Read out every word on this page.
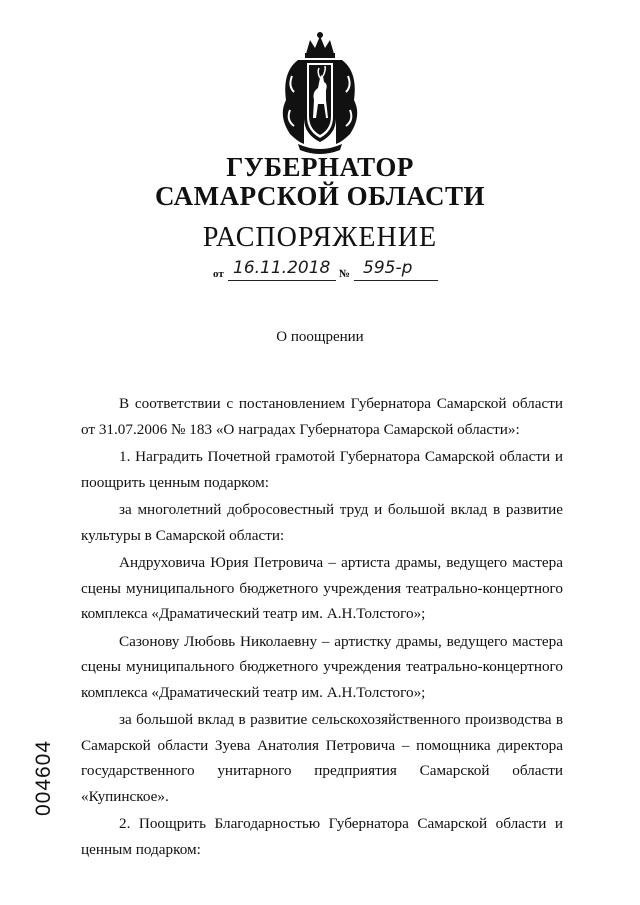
ГУБЕРНАТОР
САМАРСКОЙ ОБЛАСТИ
РАСПОРЯЖЕНИЕ
от 16.11.2018 № 595-р
О поощрении

В соответствии с постановлением Губернатора Самарской области от 31.07.2006 № 183 «О наградах Губернатора Самарской области»:

1. Наградить Почетной грамотой Губернатора Самарской области и поощрить ценным подарком:

за многолетний добросовестный труд и большой вклад в развитие культуры в Самарской области:

Андруховича Юрия Петровича – артиста драмы, ведущего мастера сцены муниципального бюджетного учреждения театрально-концертного комплекса «Драматический театр им. А.Н.Толстого»;

Сазонову Любовь Николаевну – артистку драмы, ведущего мастера сцены муниципального бюджетного учреждения театрально-концертного комплекса «Драматический театр им. А.Н.Толстого»;

за большой вклад в развитие сельскохозяйственного производства в Самарской области Зуева Анатолия Петровича – помощника директора государственного унитарного предприятия Самарской области «Купинское».

2. Поощрить Благодарностью Губернатора Самарской области и ценным подарком:

004604
